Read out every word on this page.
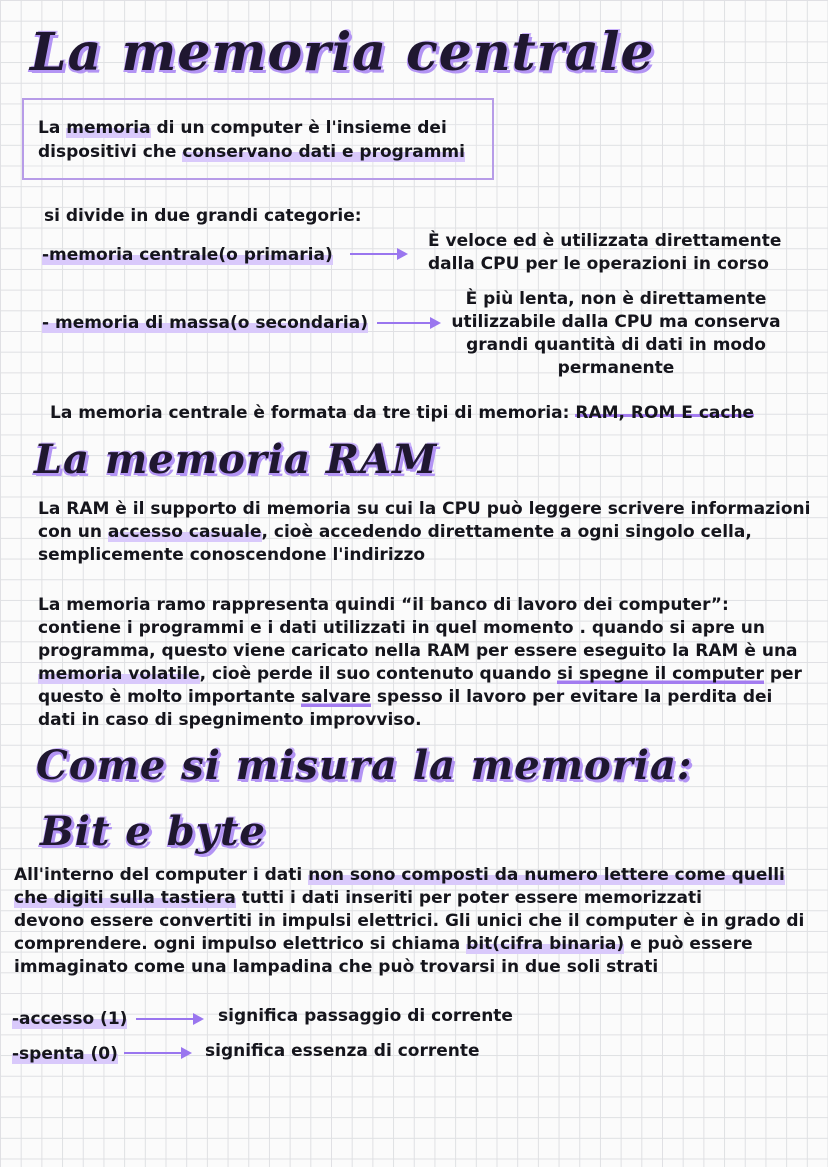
La memoria centrale
La memoria di un computer è l'insieme dei
dispositivi che conservano dati e programmi
si divide in due grandi categorie:
-memoria centrale(o primaria)
È veloce ed è utilizzata direttamente
dalla CPU per le operazioni in corso
- memoria di massa(o secondaria)
È più lenta, non è direttamente
utilizzabile dalla CPU ma conserva
grandi quantità di dati in modo
permanente
La memoria centrale è formata da tre tipi di memoria: RAM, ROM E cache
La memoria RAM
La RAM è il supporto di memoria su cui la CPU può leggere scrivere informazioni
con un accesso casuale, cioè accedendo direttamente a ogni singolo cella,
semplicemente conoscendone l'indirizzo
La memoria ramo rappresenta quindi “il banco di lavoro dei computer”:
contiene i programmi e i dati utilizzati in quel momento . quando si apre un
programma, questo viene caricato nella RAM per essere eseguito la RAM è una
memoria volatile, cioè perde il suo contenuto quando si spegne il computer per
questo è molto importante salvare spesso il lavoro per evitare la perdita dei
dati in caso di spegnimento improvviso.
Come si misura la memoria:
Bit e byte
All'interno del computer i dati non sono composti da numero lettere come quelli
che digiti sulla tastiera tutti i dati inseriti per poter essere memorizzati
devono essere convertiti in impulsi elettrici. Gli unici che il computer è in grado di
comprendere. ogni impulso elettrico si chiama bit(cifra binaria) e può essere
immaginato come una lampadina che può trovarsi in due soli strati
-accesso (1)	significa passaggio di corrente
-spenta (0)	significa essenza di corrente
